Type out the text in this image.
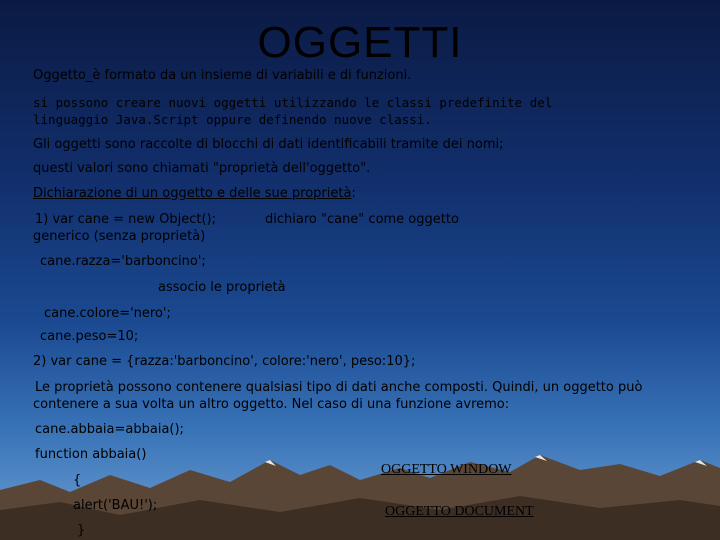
OGGETTI
Oggetto_è formato da un insieme di variabili e di funzioni.
si possono creare nuovi oggetti utilizzando le classi predefinite del
linguaggio Java.Script oppure definendo nuove classi.
Gli oggetti sono raccolte di blocchi di dati identificabili tramite dei nomi;
questi valori sono chiamati "proprietà dell'oggetto".
Dichiarazione di un oggetto e delle sue proprietà:
1) var cane = new Object();	dichiaro "cane" come oggetto
generico (senza proprietà)
cane.razza='barboncino';
associo le proprietà
cane.colore='nero';
cane.peso=10;
2) var cane = {razza:'barboncino', colore:'nero', peso:10};
Le proprietà possono contenere qualsiasi tipo di dati anche composti. Quindi, un oggetto può
contenere a sua volta un altro oggetto. Nel caso di una funzione avremo:
cane.abbaia=abbaia();
function abbaia()
{
alert('BAU!');
}
OGGETTO WINDOW
OGGETTO DOCUMENT
